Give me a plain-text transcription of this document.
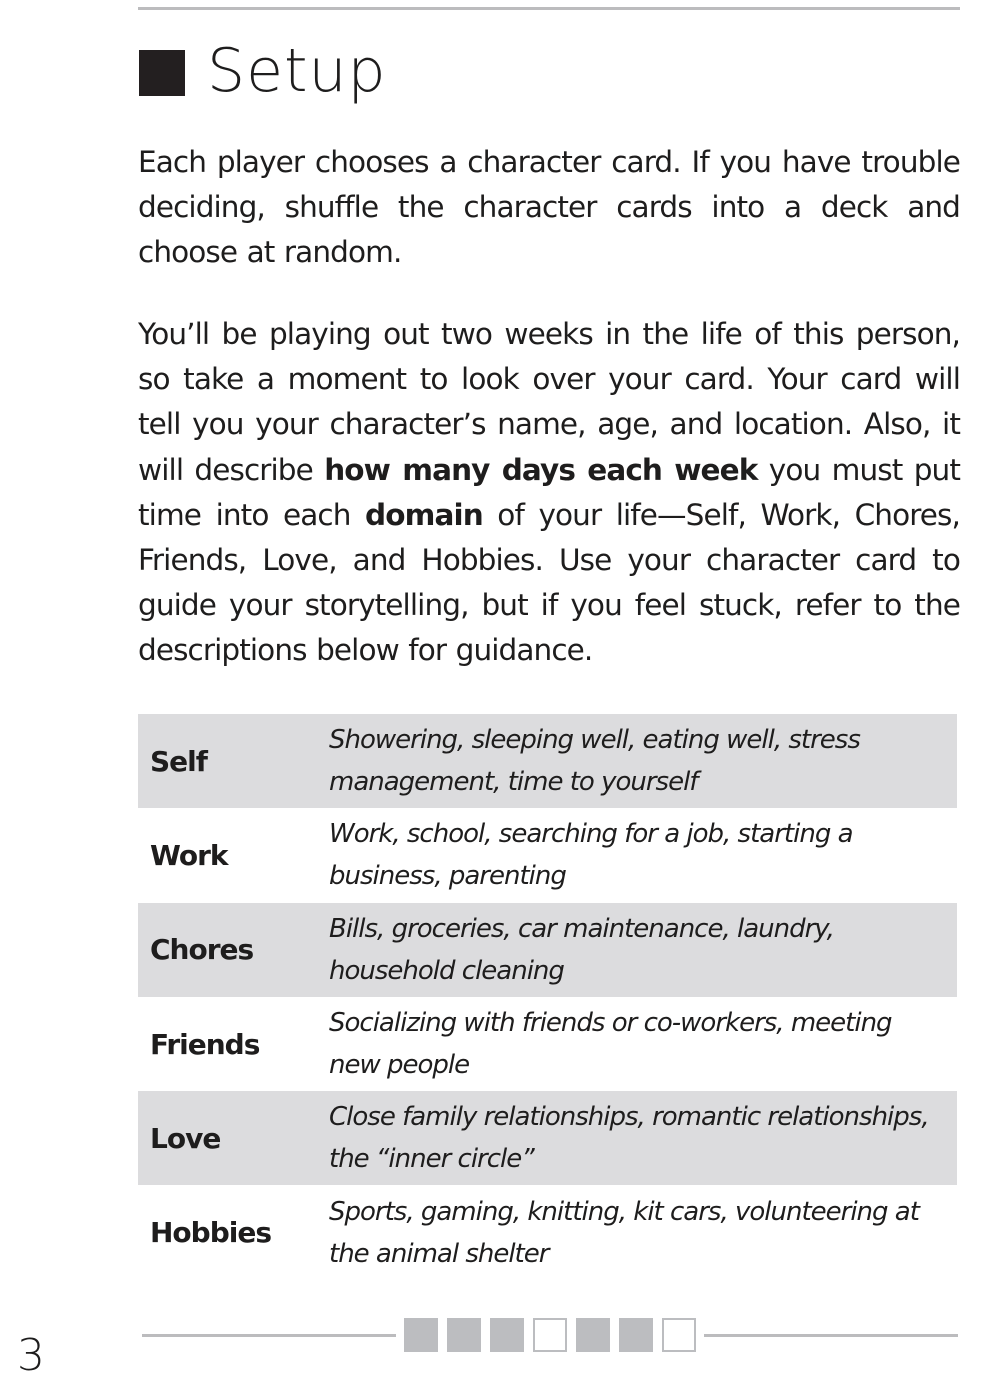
Setup
Each player chooses a character card. If you have trouble deciding, shuffle the character cards into a deck and choose at random.
You’ll be playing out two weeks in the life of this person, so take a moment to look over your card. Your card will tell you your character’s name, age, and location. Also, it will describe how many days each week you must put time into each domain of your life—Self, Work, Chores, Friends, Love, and Hobbies. Use your character card to guide your storytelling, but if you feel stuck, refer to the descriptions below for guidance.
Self
Showering, sleeping well, eating well, stress management, time to yourself
Work
Work, school, searching for a job, starting a business, parenting
Chores
Bills, groceries, car maintenance, laundry, household cleaning
Friends
Socializing with friends or co-workers, meeting new people
Love
Close family relationships, romantic relationships, the “inner circle”
Hobbies
Sports, gaming, knitting, kit cars, volunteering at the animal shelter
3
